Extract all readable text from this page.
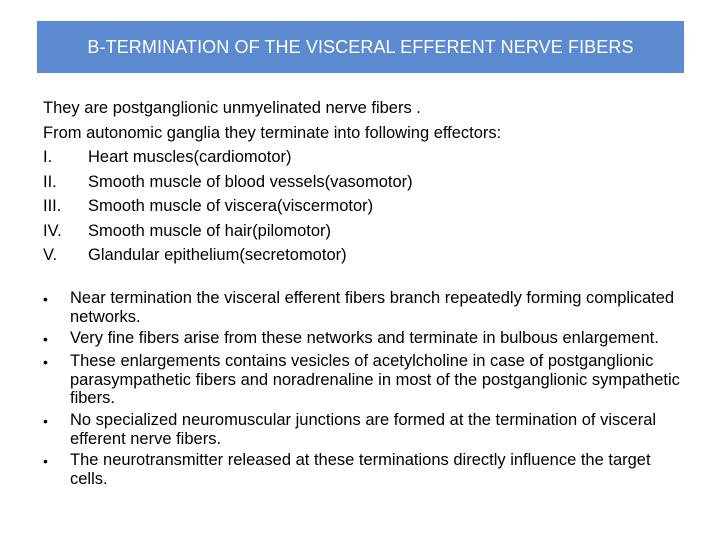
B-TERMINATION OF THE VISCERAL EFFERENT NERVE FIBERS
They are postganglionic unmyelinated nerve fibers .
From autonomic ganglia they terminate into following effectors:
I.	Heart muscles(cardiomotor)
II.	Smooth muscle of blood vessels(vasomotor)
III.	Smooth muscle of viscera(viscermotor)
IV.	Smooth muscle of hair(pilomotor)
V.	Glandular epithelium(secretomotor)
•	Near termination the visceral efferent fibers branch repeatedly forming complicated networks.
•	Very fine fibers arise from these networks and terminate in bulbous enlargement.
•	These enlargements contains vesicles of acetylcholine in case of postganglionic parasympathetic fibers and noradrenaline in most of the postganglionic sympathetic fibers.
•	No specialized neuromuscular junctions are formed at the termination of visceral efferent nerve fibers.
•	The neurotransmitter released at these terminations directly influence the target cells.
